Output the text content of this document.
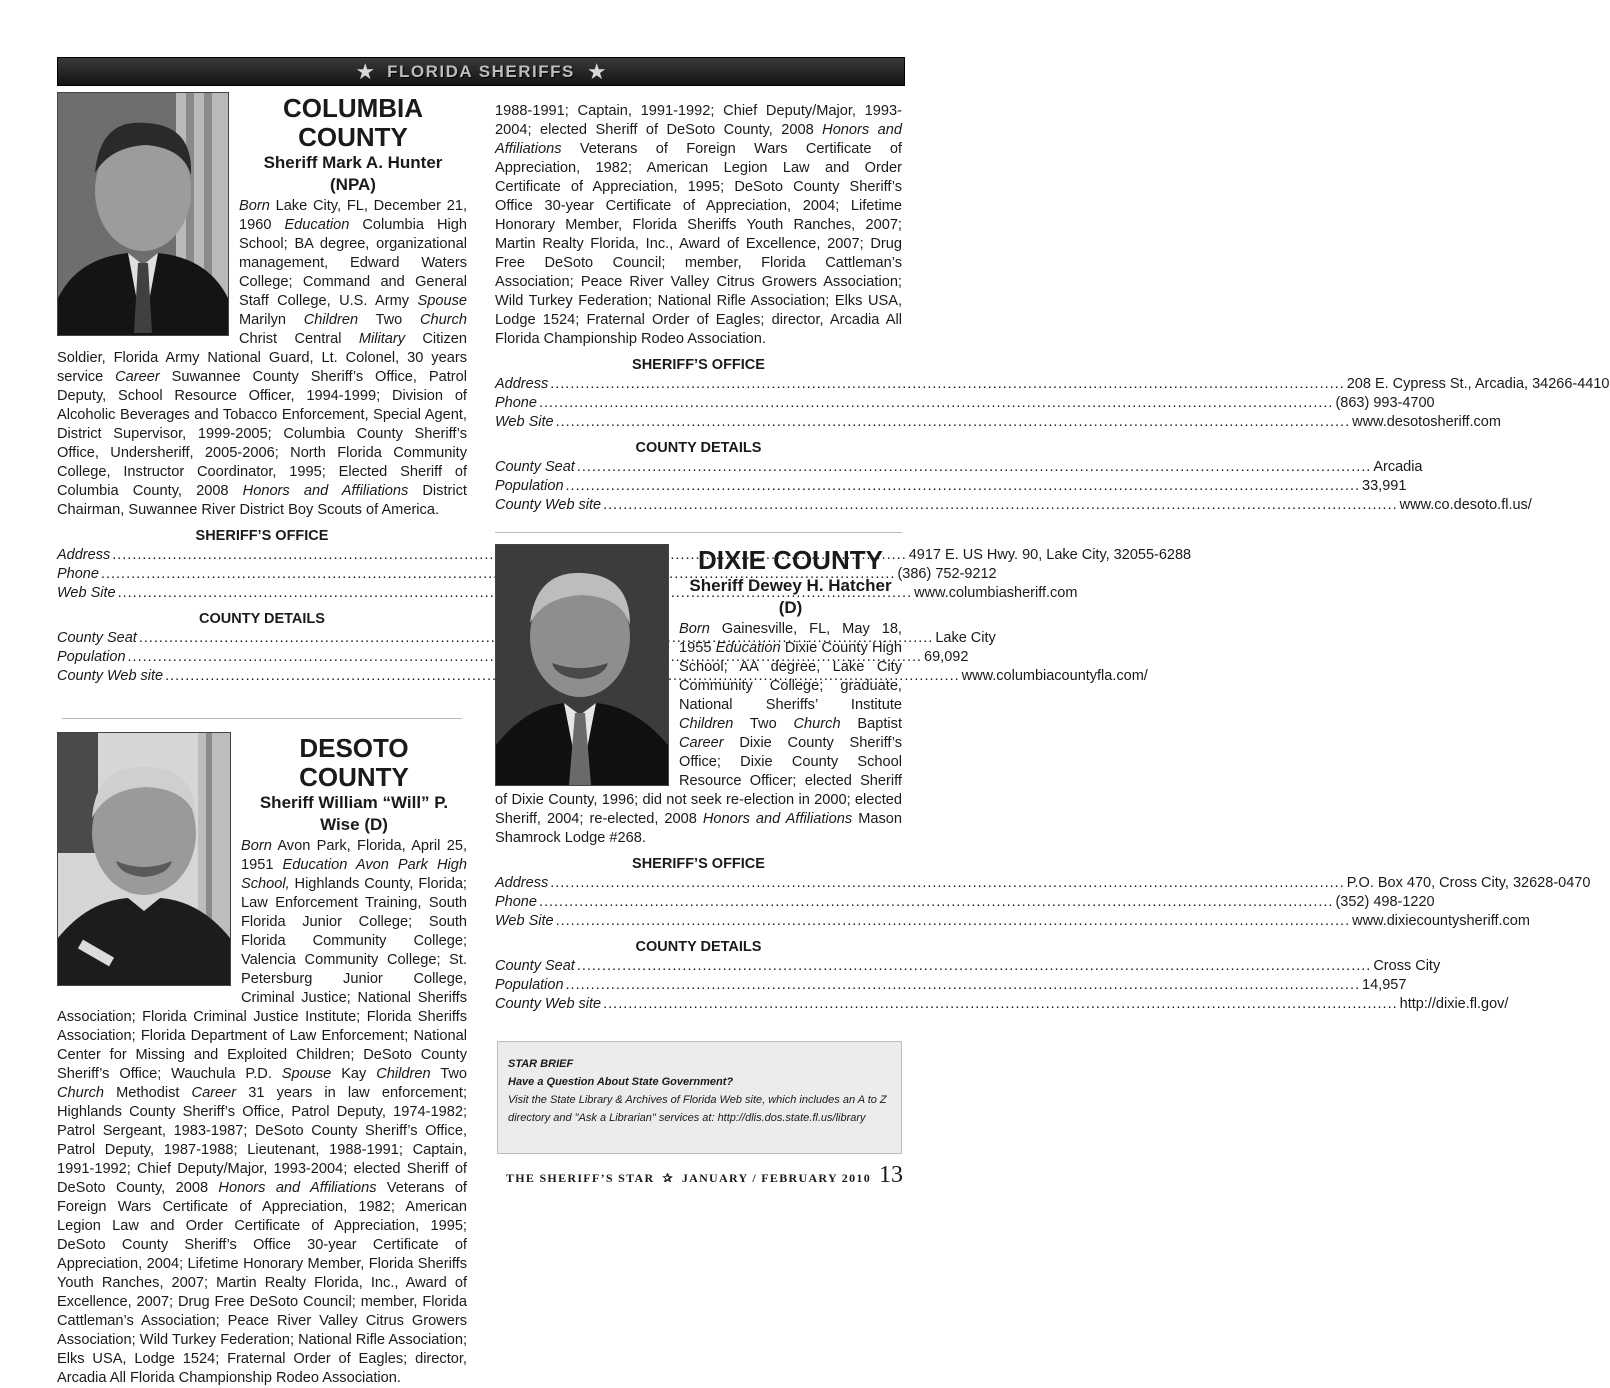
★ FLORIDA SHERIFFS ★
COLUMBIA COUNTY
Sheriff Mark A. Hunter (NPA)
Born Lake City, FL, December 21, 1960 Education Columbia High School; BA degree, organizational management, Edward Waters College; Command and General Staff College, U.S. Army Spouse Marilyn Children Two Church Christ Central Military Citizen Soldier, Florida Army National Guard, Lt. Colonel, 30 years service Career Suwannee County Sheriff’s Office, Patrol Deputy, School Resource Officer, 1994-1999; Division of Alcoholic Beverages and Tobacco Enforcement, Special Agent, District Supervisor, 1999-2005; Columbia County Sheriff’s Office, Undersheriff, 2005-2006; North Florida Community College, Instructor Coordinator, 1995; Elected Sheriff of Columbia County, 2008 Honors and Affiliations District Chairman, Suwannee River District Boy Scouts of America.
SHERIFF’S OFFICE
Address .....	4917 E. US Hwy. 90, Lake City, 32055-6288
Phone .....	(386) 752-9212
Web Site .....	www.columbiasheriff.com
COUNTY DETAILS
County Seat .....	Lake City
Population .....	69,092
County Web site .....	www.columbiacountyfla.com/
DESOTO COUNTY
Sheriff William “Will” P. Wise (D)
Born Avon Park, Florida, April 25, 1951 Education Avon Park High School, Highlands County, Florida; Law Enforcement Training, South Florida Junior College; South Florida Community College; Valencia Community College; St. Petersburg Junior College, Criminal Justice; National Sheriffs Association; Florida Criminal Justice Institute; Florida Sheriffs Association; Florida Department of Law Enforcement; National Center for Missing and Exploited Children; DeSoto County Sheriff’s Office; Wauchula P.D. Spouse Kay Children Two Church Methodist Career 31 years in law enforcement; Highlands County Sheriff’s Office, Patrol Deputy, 1974-1982; Patrol Sergeant, 1983-1987; DeSoto County Sheriff’s Office, Patrol Deputy, 1987-1988; Lieutenant, 1988-1991; Captain, 1991-1992; Chief Deputy/Major, 1993-2004; elected Sheriff of DeSoto County, 2008 Honors and Affiliations Veterans of Foreign Wars Certificate of Appreciation, 1982; American Legion Law and Order Certificate of Appreciation, 1995; DeSoto County Sheriff’s Office 30-year Certificate of Appreciation, 2004; Lifetime Honorary Member, Florida Sheriffs Youth Ranches, 2007; Martin Realty Florida, Inc., Award of Excellence, 2007; Drug Free DeSoto Council; member, Florida Cattleman’s Association; Peace River Valley Citrus Growers Association; Wild Turkey Federation; National Rifle Association; Elks USA, Lodge 1524; Fraternal Order of Eagles; director, Arcadia All Florida Championship Rodeo Association.
1988-1991; Captain, 1991-1992; Chief Deputy/Major, 1993-2004; elected Sheriff of DeSoto County, 2008 Honors and Affiliations Veterans of Foreign Wars Certificate of Appreciation, 1982; American Legion Law and Order Certificate of Appreciation, 1995; DeSoto County Sheriff’s Office 30-year Certificate of Appreciation, 2004; Lifetime Honorary Member, Florida Sheriffs Youth Ranches, 2007; Martin Realty Florida, Inc., Award of Excellence, 2007; Drug Free DeSoto Council; member, Florida Cattleman’s Association; Peace River Valley Citrus Growers Association; Wild Turkey Federation; National Rifle Association; Elks USA, Lodge 1524; Fraternal Order of Eagles; director, Arcadia All Florida Championship Rodeo Association.
SHERIFF’S OFFICE
Address .....	208 E. Cypress St., Arcadia, 34266-4410
Phone .....	(863) 993-4700
Web Site .....	www.desotosheriff.com
COUNTY DETAILS
County Seat .....	Arcadia
Population .....	33,991
County Web site .....	www.co.desoto.fl.us/
DIXIE COUNTY
Sheriff Dewey H. Hatcher (D)
Born Gainesville, FL, May 18, 1955 Education Dixie County High School; AA degree, Lake City Community College; graduate, National Sheriffs’ Institute Children Two Church Baptist Career Dixie County Sheriff’s Office; Dixie County School Resource Officer; elected Sheriff of Dixie County, 1996; did not seek re-election in 2000; elected Sheriff, 2004; re-elected, 2008 Honors and Affiliations Mason Shamrock Lodge #268.
SHERIFF’S OFFICE
Address .....	P.O. Box 470, Cross City, 32628-0470
Phone .....	(352) 498-1220
Web Site .....	www.dixiecountysheriff.com
COUNTY DETAILS
County Seat .....	Cross City
Population .....	14,957
County Web site .....	http://dixie.fl.gov/
STAR BRIEF
Have a Question About State Government?
Visit the State Library & Archives of Florida Web site, which includes an A to Z directory and "Ask a Librarian" services at: http://dlis.dos.state.fl.us/library
THE SHERIFF’S STAR ✰ JANUARY / FEBRUARY 2010 13
